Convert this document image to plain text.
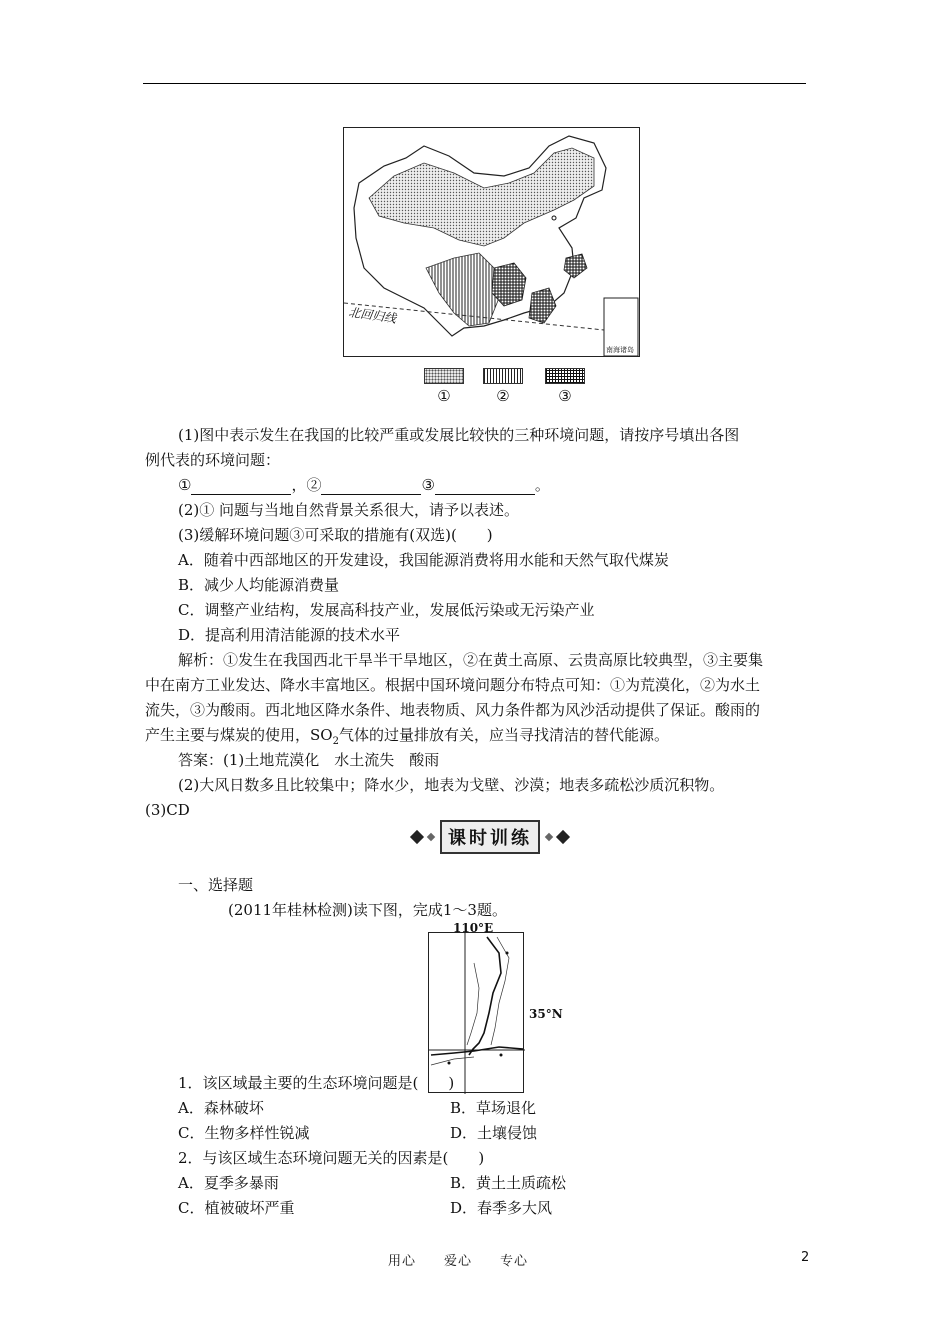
北回归线
南海诸岛
①	②	③
(1)图中表示发生在我国的比较严重或发展比较快的三种环境问题，请按序号填出各图
例代表的环境问题：
①	，②	③	。
(2)① 问题与当地自然背景关系很大，请予以表述。
(3)缓解环境问题③可采取的措施有(双选)(　　)
A．随着中西部地区的开发建设，我国能源消费将用水能和天然气取代煤炭
B．减少人均能源消费量
C．调整产业结构，发展高科技产业，发展低污染或无污染产业
D．提高利用清洁能源的技术水平
解析：①发生在我国西北干旱半干旱地区，②在黄土高原、云贵高原比较典型，③主要集
中在南方工业发达、降水丰富地区。根据中国环境问题分布特点可知：①为荒漠化，②为水土
流失，③为酸雨。西北地区降水条件、地表物质、风力条件都为风沙活动提供了保证。酸雨的
产生主要与煤炭的使用，$SO_2$气体的过量排放有关，应当寻找清洁的替代能源。
答案：(1)土地荒漠化　水土流失　酸雨
(2)大风日数多且比较集中；降水少，地表为戈壁、沙漠；地表多疏松沙质沉积物。
(3)CD
课时训练
一、选择题
(2011年桂林检测)读下图，完成1～3题。
110°E
35°N
1．该区域最主要的生态环境问题是(　　)
A．森林破坏	B．草场退化
C．生物多样性锐减	D．土壤侵蚀
2．与该区域生态环境问题无关的因素是(　　)
A．夏季多暴雨	B．黄土土质疏松
C．植被破坏严重	D．春季多大风
用心　　爱心　　专心	2
